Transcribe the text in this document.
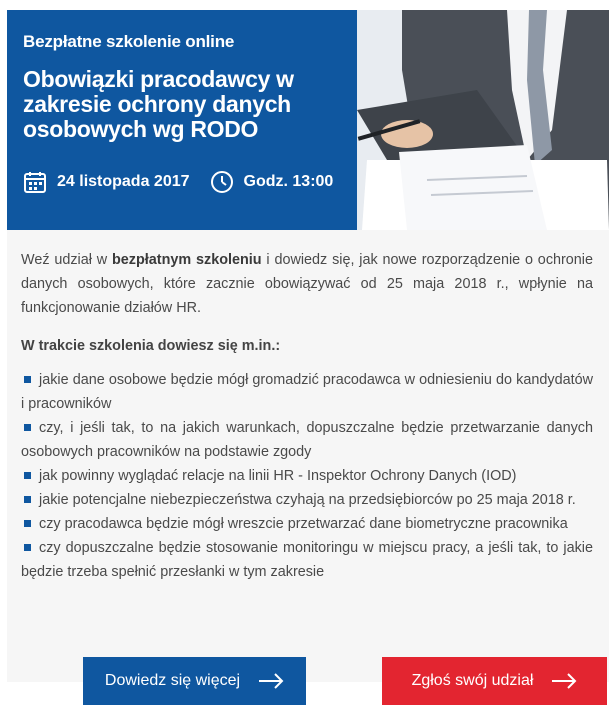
Bezpłatne szkolenie online

Obowiązki pracodawcy w zakresie ochrony danych osobowych wg RODO

24 listopada 2017	Godz. 13:00

Weź udział w bezpłatnym szkoleniu i dowiedz się, jak nowe rozporządzenie o ochronie danych osobowych, które zacznie obowiązywać od 25 maja 2018 r., wpłynie na funkcjonowanie działów HR.

W trakcie szkolenia dowiesz się m.in.:

jakie dane osobowe będzie mógł gromadzić pracodawca w odniesieniu do kandydatów i pracowników
czy, i jeśli tak, to na jakich warunkach, dopuszczalne będzie przetwarzanie danych osobowych pracowników na podstawie zgody
jak powinny wyglądać relacje na linii HR - Inspektor Ochrony Danych (IOD)
jakie potencjalne niebezpieczeństwa czyhają na przedsiębiorców po 25 maja 2018 r.
czy pracodawca będzie mógł wreszcie przetwarzać dane biometryczne pracownika
czy dopuszczalne będzie stosowanie monitoringu w miejscu pracy, a jeśli tak, to jakie będzie trzeba spełnić przesłanki w tym zakresie
Dowiedz się więcej	Zgłoś swój udział
